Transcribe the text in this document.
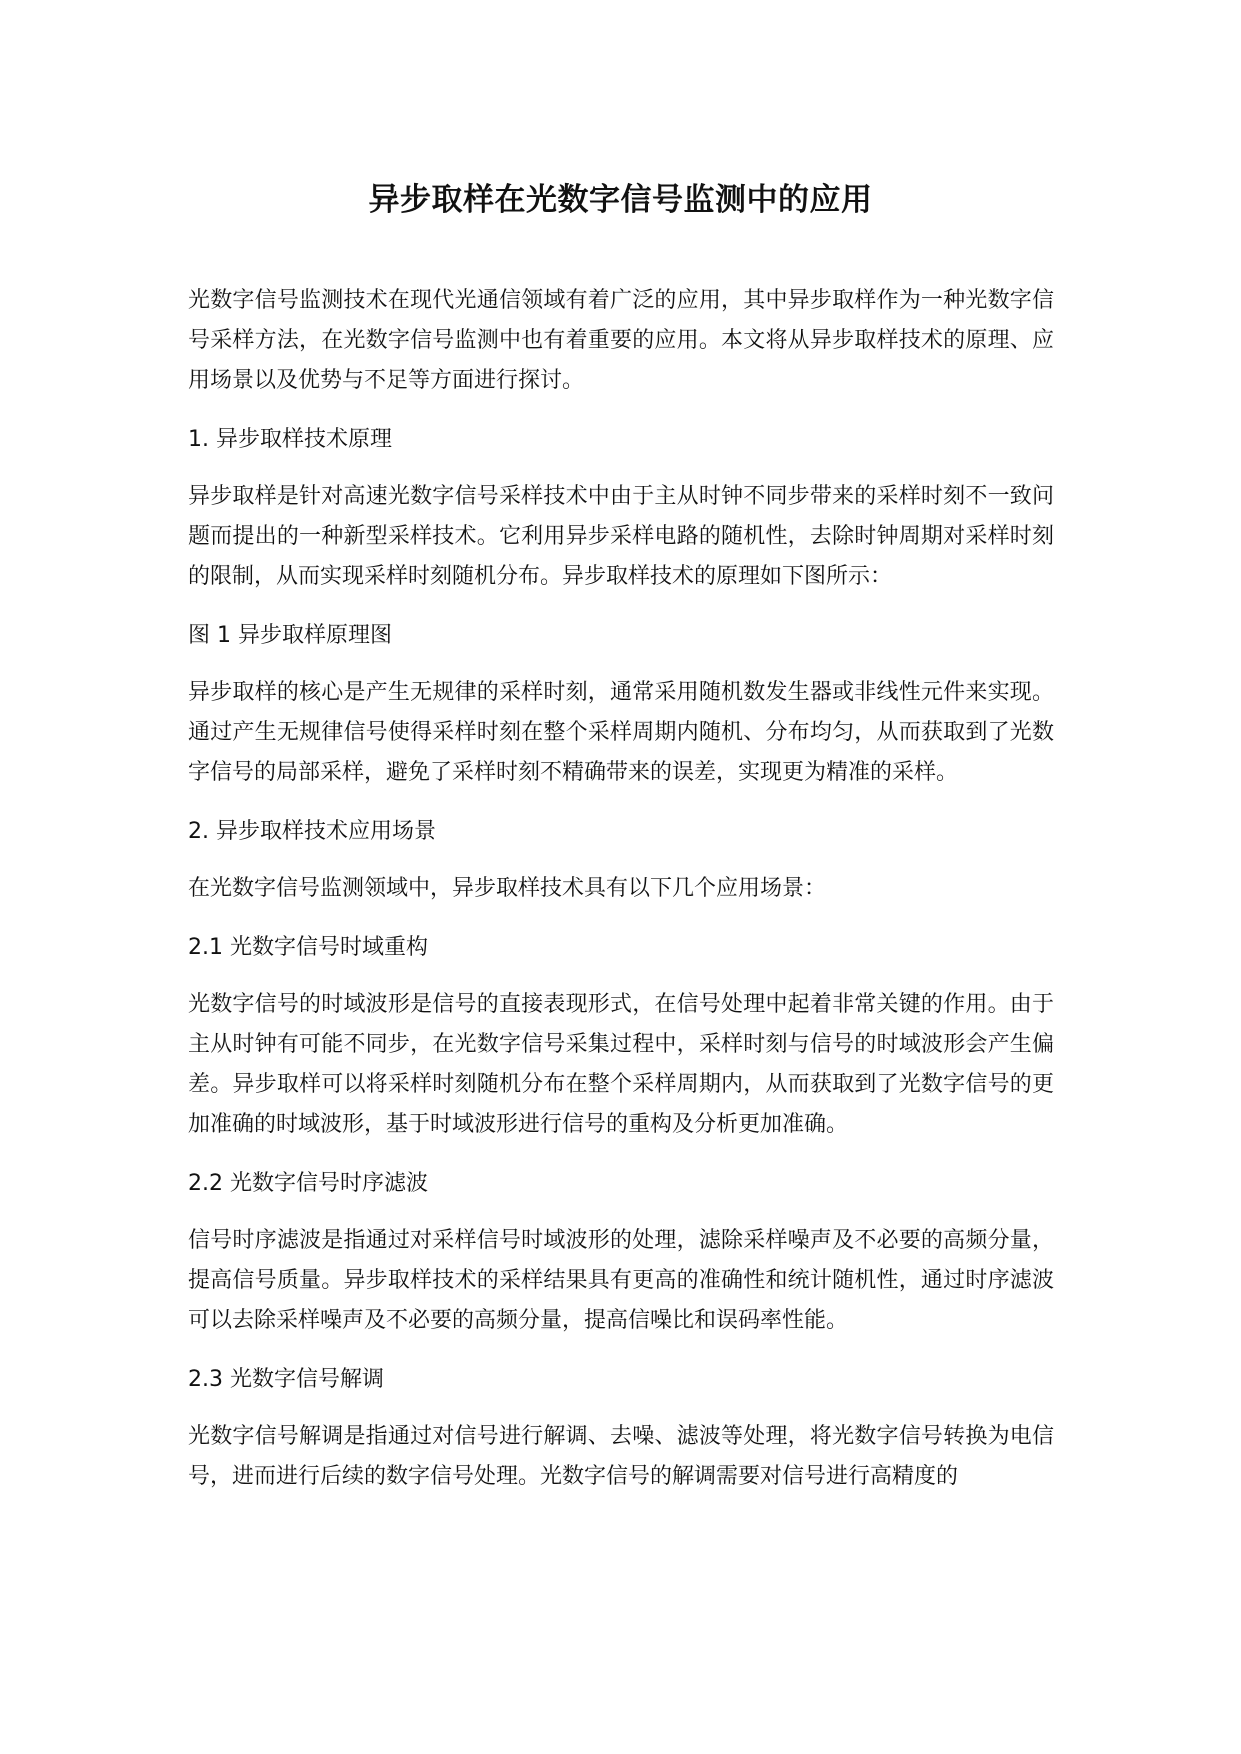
异步取样在光数字信号监测中的应用

光数字信号监测技术在现代光通信领域有着广泛的应用，其中异步取样作为一种光数字信号采样方法，在光数字信号监测中也有着重要的应用。本文将从异步取样技术的原理、应用场景以及优势与不足等方面进行探讨。

1. 异步取样技术原理

异步取样是针对高速光数字信号采样技术中由于主从时钟不同步带来的采样时刻不一致问题而提出的一种新型采样技术。它利用异步采样电路的随机性，去除时钟周期对采样时刻的限制，从而实现采样时刻随机分布。异步取样技术的原理如下图所示：

图 1 异步取样原理图

异步取样的核心是产生无规律的采样时刻，通常采用随机数发生器或非线性元件来实现。通过产生无规律信号使得采样时刻在整个采样周期内随机、分布均匀，从而获取到了光数字信号的局部采样，避免了采样时刻不精确带来的误差，实现更为精准的采样。

2. 异步取样技术应用场景

在光数字信号监测领域中，异步取样技术具有以下几个应用场景：

2.1 光数字信号时域重构

光数字信号的时域波形是信号的直接表现形式，在信号处理中起着非常关键的作用。由于主从时钟有可能不同步，在光数字信号采集过程中，采样时刻与信号的时域波形会产生偏差。异步取样可以将采样时刻随机分布在整个采样周期内，从而获取到了光数字信号的更加准确的时域波形，基于时域波形进行信号的重构及分析更加准确。

2.2 光数字信号时序滤波

信号时序滤波是指通过对采样信号时域波形的处理，滤除采样噪声及不必要的高频分量，提高信号质量。异步取样技术的采样结果具有更高的准确性和统计随机性，通过时序滤波可以去除采样噪声及不必要的高频分量，提高信噪比和误码率性能。

2.3 光数字信号解调

光数字信号解调是指通过对信号进行解调、去噪、滤波等处理，将光数字信号转换为电信号，进而进行后续的数字信号处理。光数字信号的解调需要对信号进行高精度的
